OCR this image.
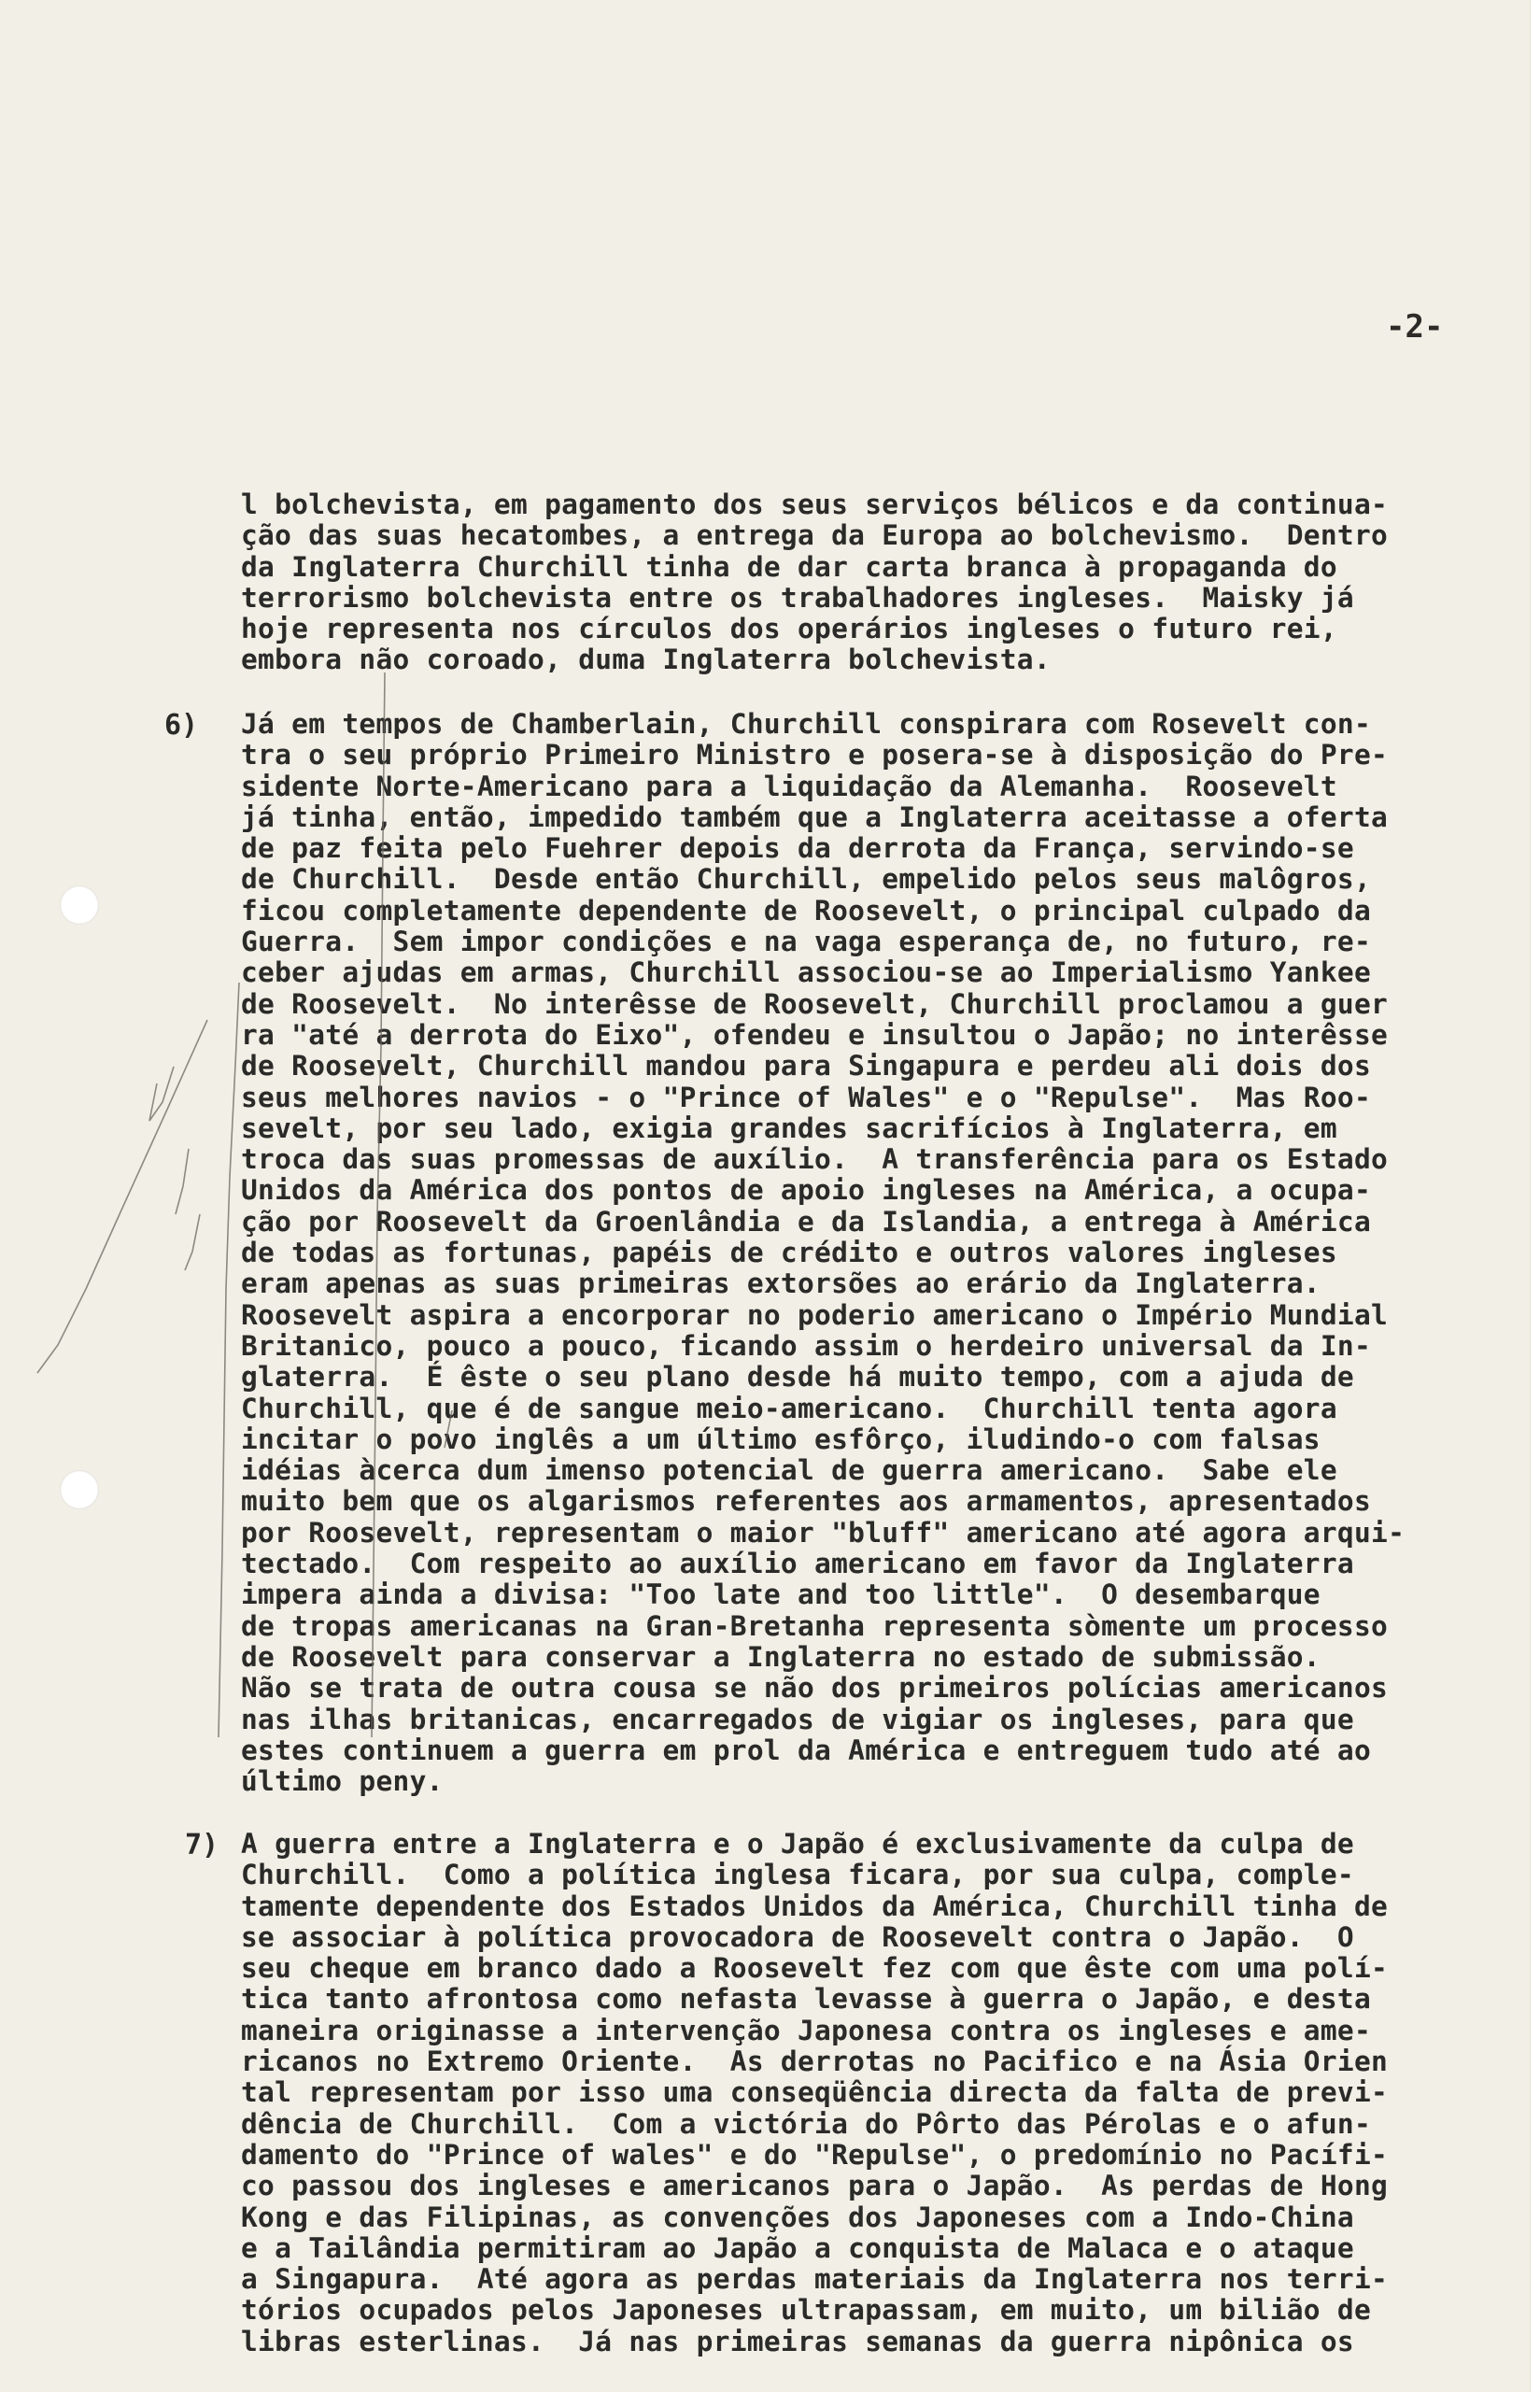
-2-
l bolchevista, em pagamento dos seus serviços bélicos e da continua-
ção das suas hecatombes, a entrega da Europa ao bolchevismo.  Dentro
da Inglaterra Churchill tinha de dar carta branca à propaganda do
terrorismo bolchevista entre os trabalhadores ingleses.  Maisky já
hoje representa nos círculos dos operários ingleses o futuro rei,
embora não coroado, duma Inglaterra bolchevista.
6) Já em tempos de Chamberlain, Churchill conspirara com Rosevelt con-
tra o seu próprio Primeiro Ministro e posera-se à disposição do Pre-
sidente Norte-Americano para a liquidação da Alemanha.  Roosevelt
já tinha, então, impedido também que a Inglaterra aceitasse a oferta
de paz feita pelo Fuehrer depois da derrota da França, servindo-se
de Churchill.  Desde então Churchill, empelido pelos seus malôgros,
ficou completamente dependente de Roosevelt, o principal culpado da
Guerra.  Sem impor condições e na vaga esperança de, no futuro, re-
ceber ajudas em armas, Churchill associou-se ao Imperialismo Yankee
de Roosevelt.  No interêsse de Roosevelt, Churchill proclamou a guer
ra "até a derrota do Eixo", ofendeu e insultou o Japão; no interêsse
de Roosevelt, Churchill mandou para Singapura e perdeu ali dois dos
seus melhores navios - o "Prince of Wales" e o "Repulse".  Mas Roo-
sevelt, por seu lado, exigia grandes sacrifícios à Inglaterra, em
troca das suas promessas de auxílio.  A transferência para os Estado
Unidos da América dos pontos de apoio ingleses na América, a ocupa-
ção por Roosevelt da Groenlândia e da Islandia, a entrega à América
de todas as fortunas, papéis de crédito e outros valores ingleses
eram apenas as suas primeiras extorsões ao erário da Inglaterra.
Roosevelt aspira a encorporar no poderio americano o Império Mundial
Britanico, pouco a pouco, ficando assim o herdeiro universal da In-
glaterra.  É êste o seu plano desde há muito tempo, com a ajuda de
Churchill, que é de sangue meio-americano.  Churchill tenta agora
incitar o povo inglês a um último esfôrço, iludindo-o com falsas
idéias àcerca dum imenso potencial de guerra americano.  Sabe ele
muito bem que os algarismos referentes aos armamentos, apresentados
por Roosevelt, representam o maior "bluff" americano até agora arqui-
tectado.  Com respeito ao auxílio americano em favor da Inglaterra
impera ainda a divisa: "Too late and too little".  O desembarque
de tropas americanas na Gran-Bretanha representa sòmente um processo
de Roosevelt para conservar a Inglaterra no estado de submissão.
Não se trata de outra cousa se não dos primeiros polícias americanos
nas ilhas britanicas, encarregados de vigiar os ingleses, para que
estes continuem a guerra em prol da América e entreguem tudo até ao
último peny.
7) A guerra entre a Inglaterra e o Japão é exclusivamente da culpa de
Churchill.  Como a política inglesa ficara, por sua culpa, comple-
tamente dependente dos Estados Unidos da América, Churchill tinha de
se associar à política provocadora de Roosevelt contra o Japão.  O
seu cheque em branco dado a Roosevelt fez com que êste com uma polí-
tica tanto afrontosa como nefasta levasse à guerra o Japão, e desta
maneira originasse a intervenção Japonesa contra os ingleses e ame-
ricanos no Extremo Oriente.  As derrotas no Pacifico e na Ásia Orien
tal representam por isso uma conseqüência directa da falta de previ-
dência de Churchill.  Com a victória do Pôrto das Pérolas e o afun-
damento do "Prince of wales" e do "Repulse", o predomínio no Pacífi-
co passou dos ingleses e americanos para o Japão.  As perdas de Hong
Kong e das Filipinas, as convenções dos Japoneses com a Indo-China
e a Tailândia permitiram ao Japão a conquista de Malaca e o ataque
a Singapura.  Até agora as perdas materiais da Inglaterra nos terri-
tórios ocupados pelos Japoneses ultrapassam, em muito, um bilião de
libras esterlinas.  Já nas primeiras semanas da guerra nipônica os
